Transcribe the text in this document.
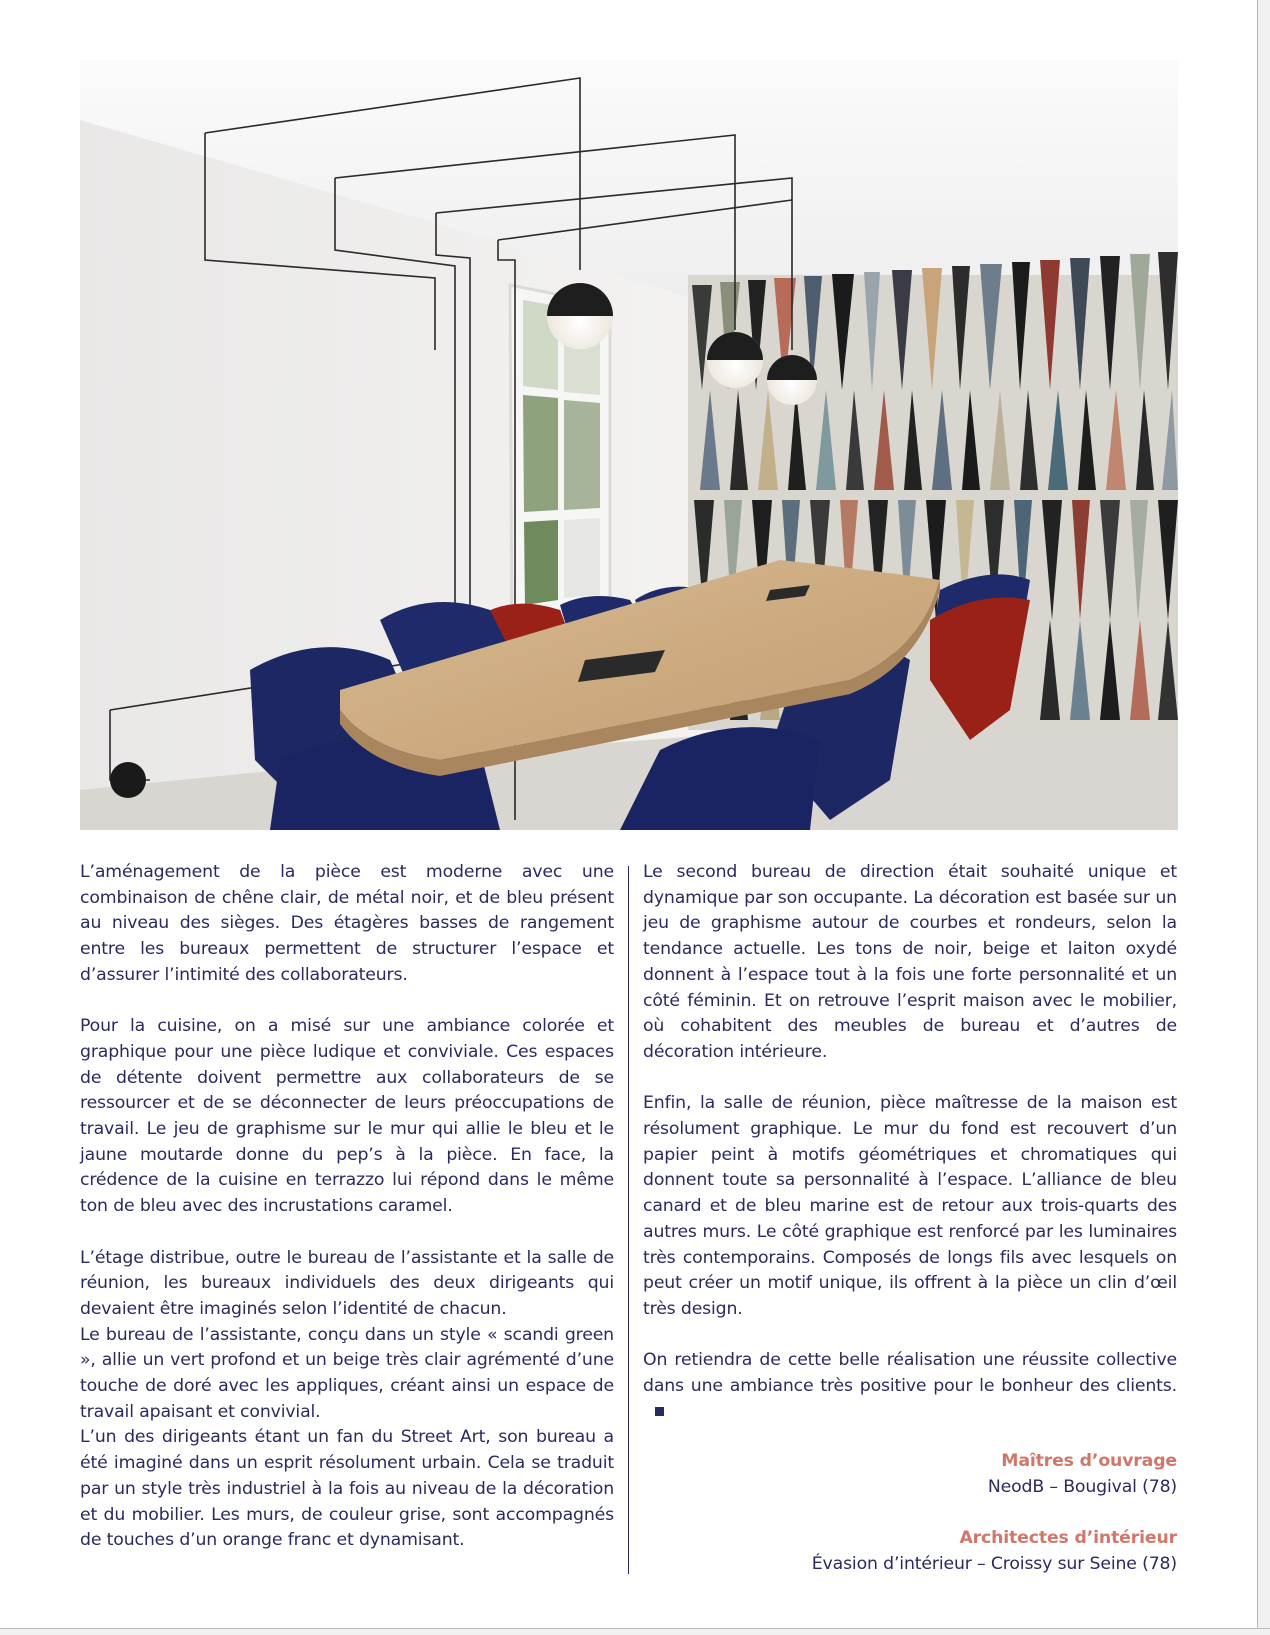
L’aménagement de la pièce est moderne avec une combinaison de chêne clair, de métal noir, et de bleu présent au niveau des sièges. Des étagères basses de rangement entre les bureaux permettent de structurer l’espace et d’assurer l’intimité des collaborateurs.

Pour la cuisine, on a misé sur une ambiance colorée et graphique pour une pièce ludique et conviviale. Ces espaces de détente doivent permettre aux collaborateurs de se ressourcer et de se déconnecter de leurs préoccupations de travail. Le jeu de graphisme sur le mur qui allie le bleu et le jaune moutarde donne du pep’s à la pièce. En face, la crédence de la cuisine en terrazzo lui répond dans le même ton de bleu avec des incrustations caramel.

L’étage distribue, outre le bureau de l’assistante et la salle de réunion, les bureaux individuels des deux dirigeants qui devaient être imaginés selon l’identité de chacun.

Le bureau de l’assistante, conçu dans un style « scandi green », allie un vert profond et un beige très clair agrémenté d’une touche de doré avec les appliques, créant ainsi un espace de travail apaisant et convivial.

L’un des dirigeants étant un fan du Street Art, son bureau a été imaginé dans un esprit résolument urbain. Cela se traduit par un style très industriel à la fois au niveau de la décoration et du mobilier. Les murs, de couleur grise, sont accompagnés de touches d’un orange franc et dynamisant.

Le second bureau de direction était souhaité unique et dynamique par son occupante. La décoration est basée sur un jeu de graphisme autour de courbes et rondeurs, selon la tendance actuelle. Les tons de noir, beige et laiton oxydé donnent à l’espace tout à la fois une forte personnalité et un côté féminin. Et on retrouve l’esprit maison avec le mobilier, où cohabitent des meubles de bureau et d’autres de décoration intérieure.

Enfin, la salle de réunion, pièce maîtresse de la maison est résolument graphique. Le mur du fond est recouvert d’un papier peint à motifs géométriques et chromatiques qui donnent toute sa personnalité à l’espace. L’alliance de bleu canard et de bleu marine est de retour aux trois-quarts des autres murs. Le côté graphique est renforcé par les luminaires très contemporains. Composés de longs fils avec lesquels on peut créer un motif unique, ils offrent à la pièce un clin d’œil très design.

On retiendra de cette belle réalisation une réussite collective dans une ambiance très positive pour le bonheur des clients.

Maîtres d’ouvrage
NeodB – Bougival (78)
Architectes d’intérieur
Évasion d’intérieur – Croissy sur Seine (78)
